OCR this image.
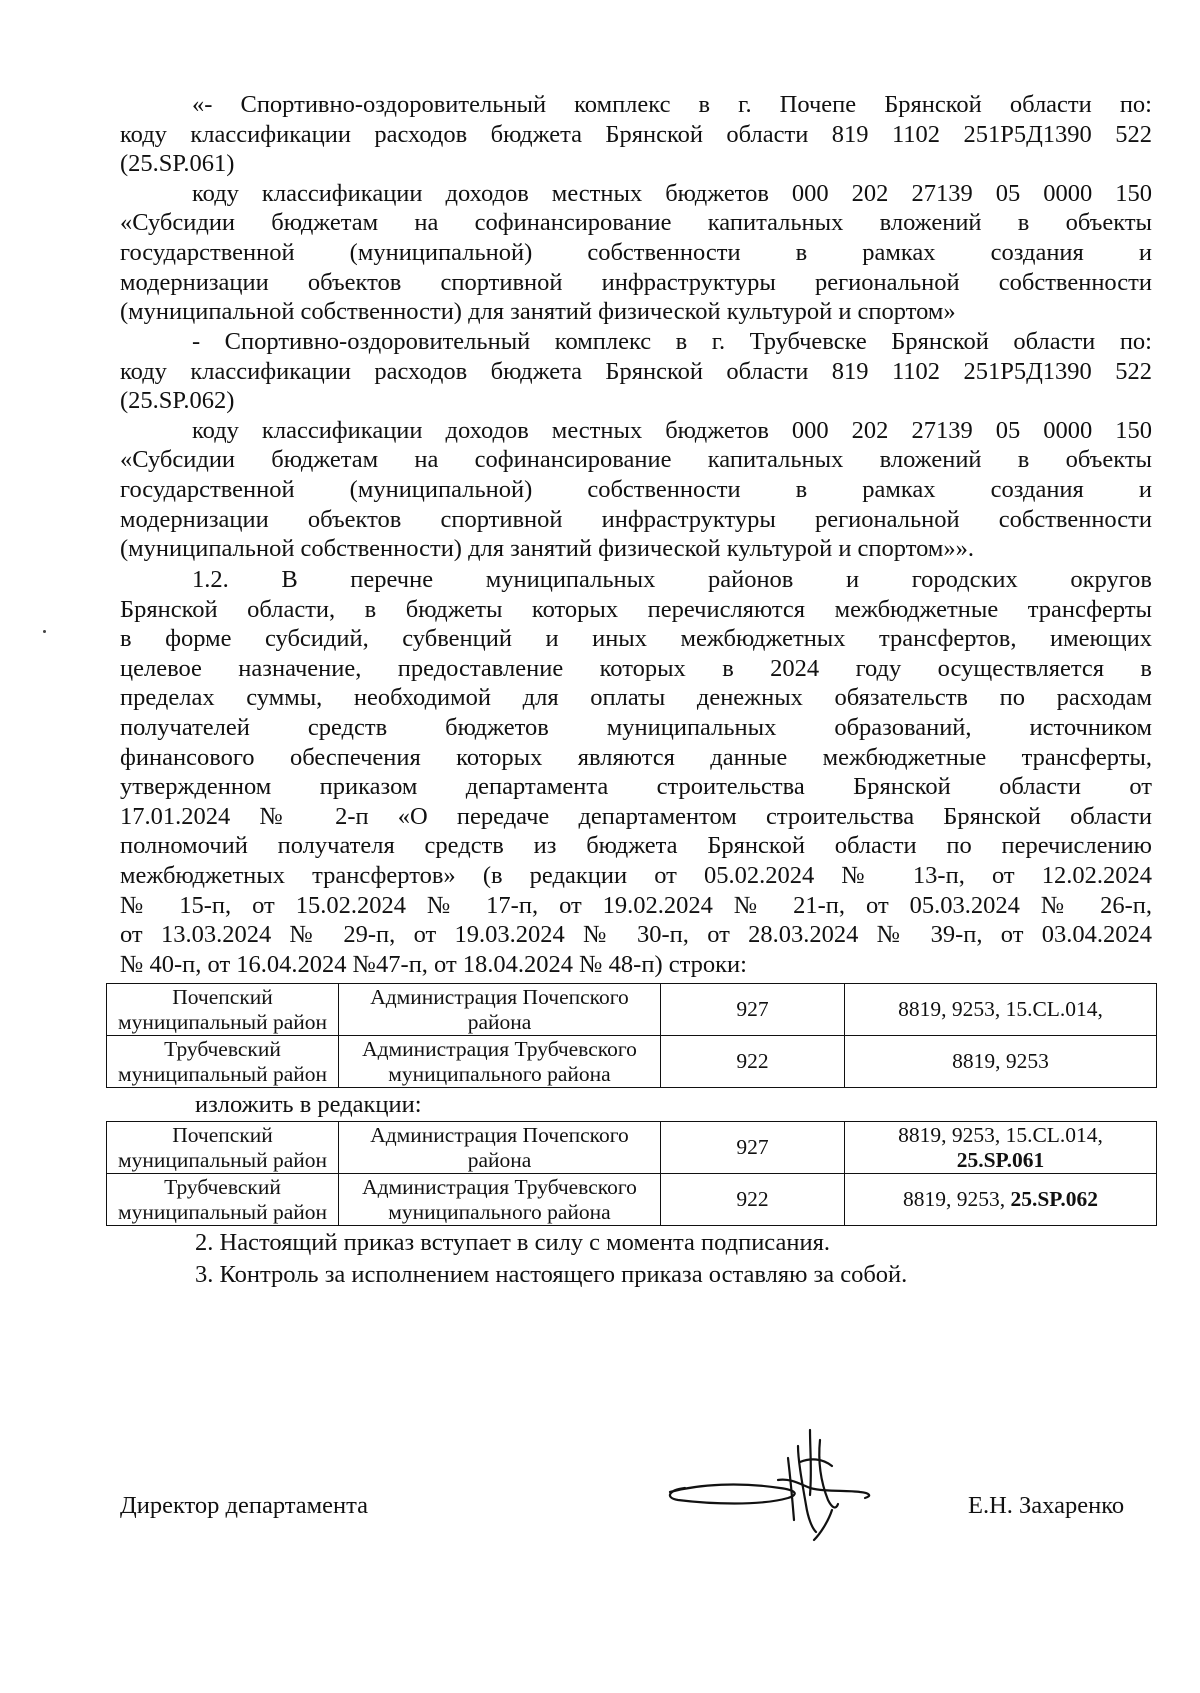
«- Спортивно-оздоровительный комплекс в г. Почепе Брянской области по:

коду классификации расходов бюджета Брянской области 819 1102 251Р5Д1390 522

(25.SP.061)

коду классификации доходов местных бюджетов 000 202 27139 05 0000 150

«Субсидии бюджетам на софинансирование капитальных вложений в объекты

государственной (муниципальной) собственности в рамках создания и

модернизации объектов спортивной инфраструктуры региональной собственности

(муниципальной собственности) для занятий физической культурой и спортом»

- Спортивно-оздоровительный комплекс в г. Трубчевске Брянской области по:

коду классификации расходов бюджета Брянской области 819 1102 251Р5Д1390 522

(25.SP.062)

коду классификации доходов местных бюджетов 000 202 27139 05 0000 150

«Субсидии бюджетам на софинансирование капитальных вложений в объекты

государственной (муниципальной) собственности в рамках создания и

модернизации объектов спортивной инфраструктуры региональной собственности

(муниципальной собственности) для занятий физической культурой и спортом»».

1.2. В перечне муниципальных районов и городских округов

Брянской области, в бюджеты которых перечисляются межбюджетные трансферты

в форме субсидий, субвенций и иных межбюджетных трансфертов, имеющих

целевое назначение, предоставление которых в 2024 году осуществляется в

пределах суммы, необходимой для оплаты денежных обязательств по расходам

получателей средств бюджетов муниципальных образований, источником

финансового обеспечения которых являются данные межбюджетные трансферты,

утвержденном приказом департамента строительства Брянской области от

17.01.2024 № 2-п «О передаче департаментом строительства Брянской области

полномочий получателя средств из бюджета Брянской области по перечислению

межбюджетных трансфертов» (в редакции от 05.02.2024 № 13-п, от 12.02.2024

№ 15-п, от 15.02.2024 № 17-п, от 19.02.2024 № 21-п, от 05.03.2024 № 26-п,

от 13.03.2024 № 29-п, от 19.03.2024 № 30-п, от 28.03.2024 № 39-п, от 03.04.2024

№ 40-п, от 16.04.2024 №47-п, от 18.04.2024 № 48-п) строки:

Почепский
муниципальный район	Администрация Почепского
района	927	8819, 9253, 15.CL.014,

Трубчевский
муниципальный район	Администрация Трубчевского
муниципального района	922	8819, 9253
изложить в редакции:
Почепский
муниципальный район	Администрация Почепского
района	927	8819, 9253, 15.CL.014,
25.SP.061

Трубчевский
муниципальный район	Администрация Трубчевского
муниципального района	922	8819, 9253, 25.SP.062
2. Настоящий приказ вступает в силу с момента подписания.
3. Контроль за исполнением настоящего приказа оставляю за собой.
Директор департамента	Е.Н. Захаренко
